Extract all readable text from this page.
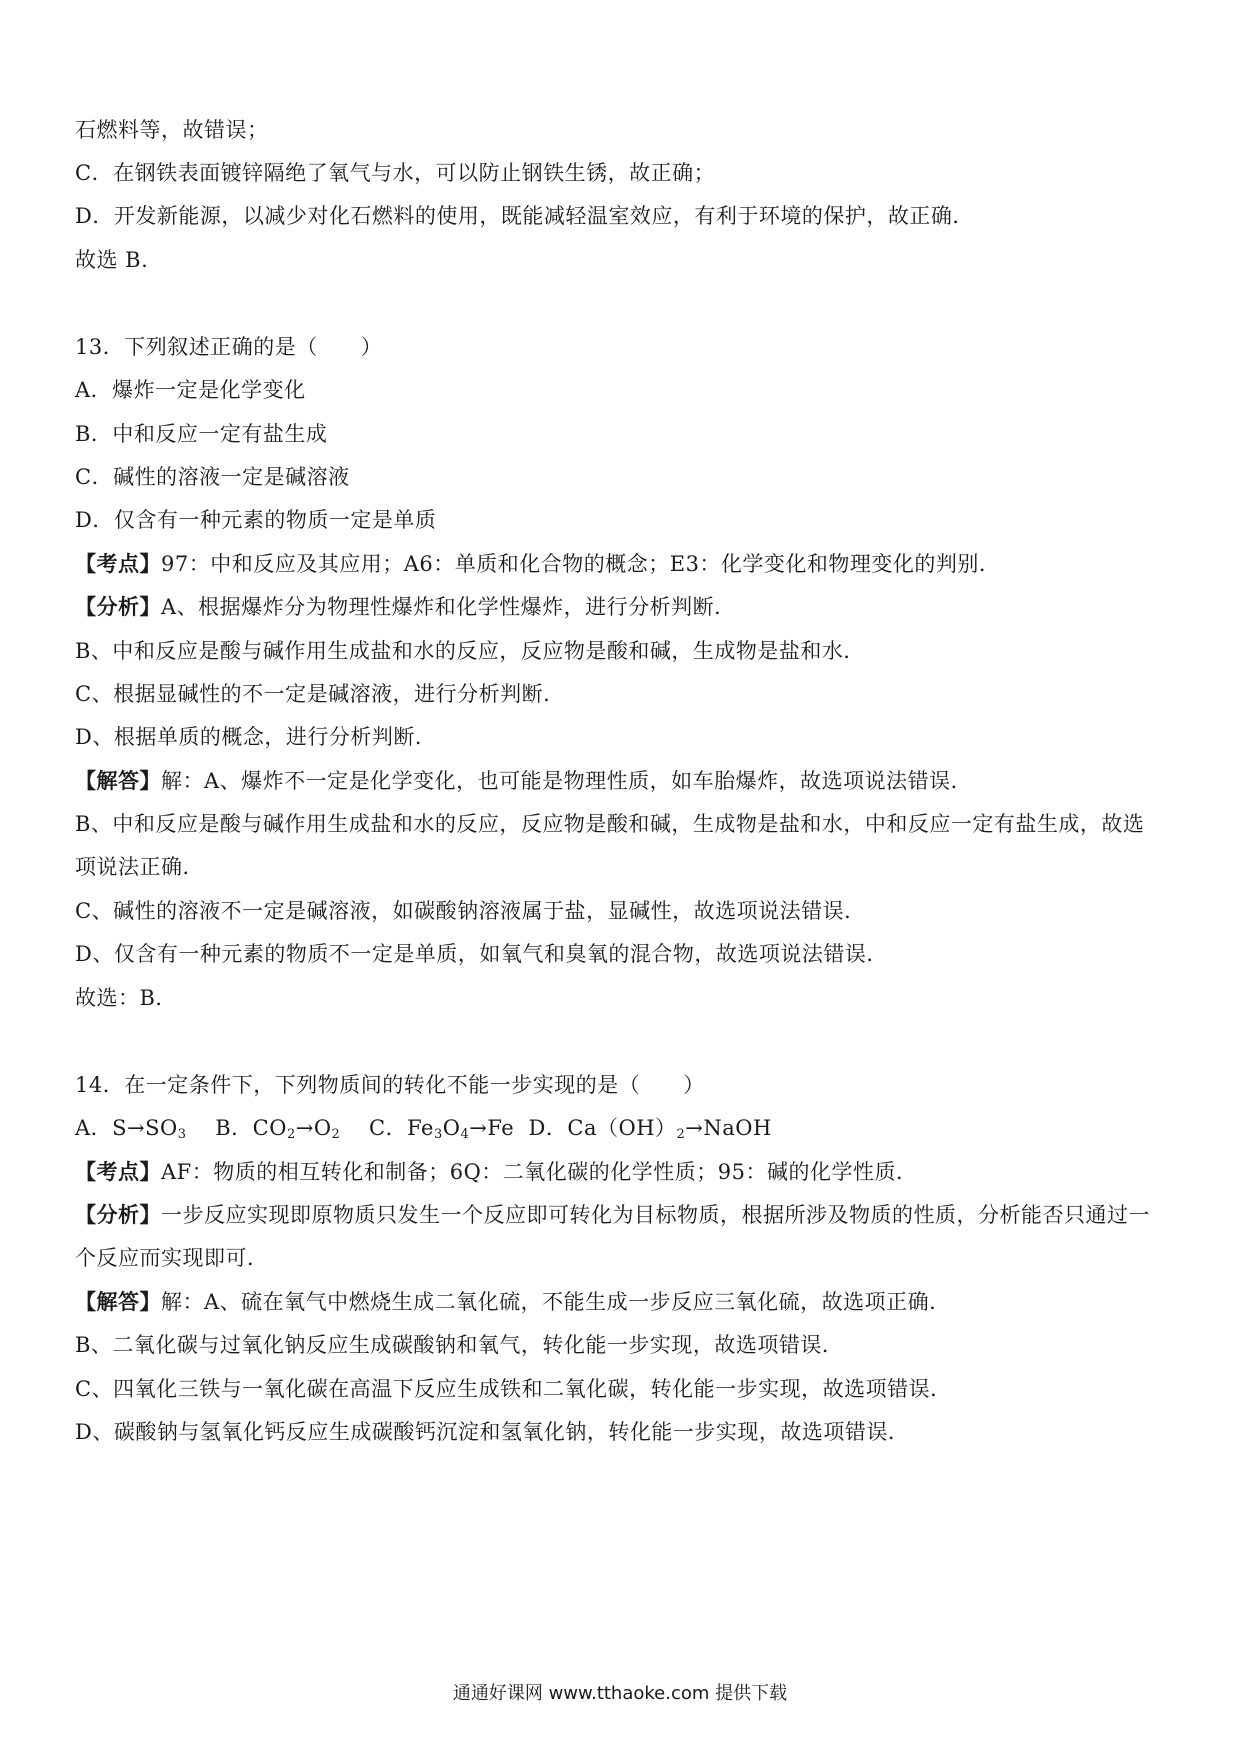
石燃料等，故错误；
C．在钢铁表面镀锌隔绝了氧气与水，可以防止钢铁生锈，故正确；
D．开发新能源，以减少对化石燃料的使用，既能减轻温室效应，有利于环境的保护，故正确．
故选 B.
13．下列叙述正确的是（　　）
A．爆炸一定是化学变化
B．中和反应一定有盐生成
C．碱性的溶液一定是碱溶液
D．仅含有一种元素的物质一定是单质
【考点】97：中和反应及其应用；A6：单质和化合物的概念；E3：化学变化和物理变化的判别．
【分析】A、根据爆炸分为物理性爆炸和化学性爆炸，进行分析判断．
B、中和反应是酸与碱作用生成盐和水的反应，反应物是酸和碱，生成物是盐和水．
C、根据显碱性的不一定是碱溶液，进行分析判断．
D、根据单质的概念，进行分析判断．
【解答】解：A、爆炸不一定是化学变化，也可能是物理性质，如车胎爆炸，故选项说法错误．
B、中和反应是酸与碱作用生成盐和水的反应，反应物是酸和碱，生成物是盐和水，中和反应一定有盐生成，故选
项说法正确．
C、碱性的溶液不一定是碱溶液，如碳酸钠溶液属于盐，显碱性，故选项说法错误．
D、仅含有一种元素的物质不一定是单质，如氧气和臭氧的混合物，故选项说法错误．
故选：B．
14．在一定条件下，下列物质间的转化不能一步实现的是（　　）
A．$S\to SO_3$ B．$CO_2\to O_2$ C．$Fe_3O_4\to Fe$ D．$Ca(OH)_2\to NaOH$
【考点】AF：物质的相互转化和制备；6Q：二氧化碳的化学性质；95：碱的化学性质．
【分析】一步反应实现即原物质只发生一个反应即可转化为目标物质，根据所涉及物质的性质，分析能否只通过一
个反应而实现即可．
【解答】解：A、硫在氧气中燃烧生成二氧化硫，不能生成一步反应三氧化硫，故选项正确．
B、二氧化碳与过氧化钠反应生成碳酸钠和氧气，转化能一步实现，故选项错误．
C、四氧化三铁与一氧化碳在高温下反应生成铁和二氧化碳，转化能一步实现，故选项错误．
D、碳酸钠与氢氧化钙反应生成碳酸钙沉淀和氢氧化钠，转化能一步实现，故选项错误．
通通好课网 www.tthaoke.com 提供下载
